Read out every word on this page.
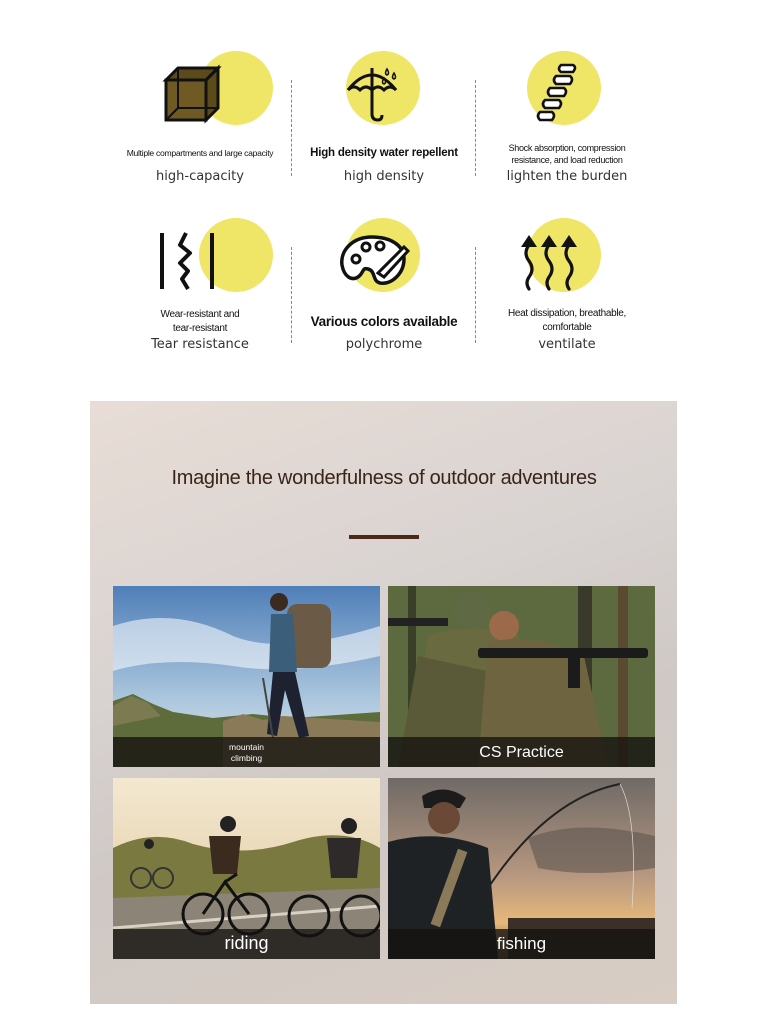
Multiple compartments and large capacity
high-capacity
High density water repellent
high density
Shock absorption, compression resistance, and load reduction
lighten the burden
Wear-resistant and tear-resistant
Tear resistance
Various colors available
polychrome
Heat dissipation, breathable, comfortable
ventilate
Imagine the wonderfulness of outdoor adventures
mountain climbing	CS Practice
riding	fishing
